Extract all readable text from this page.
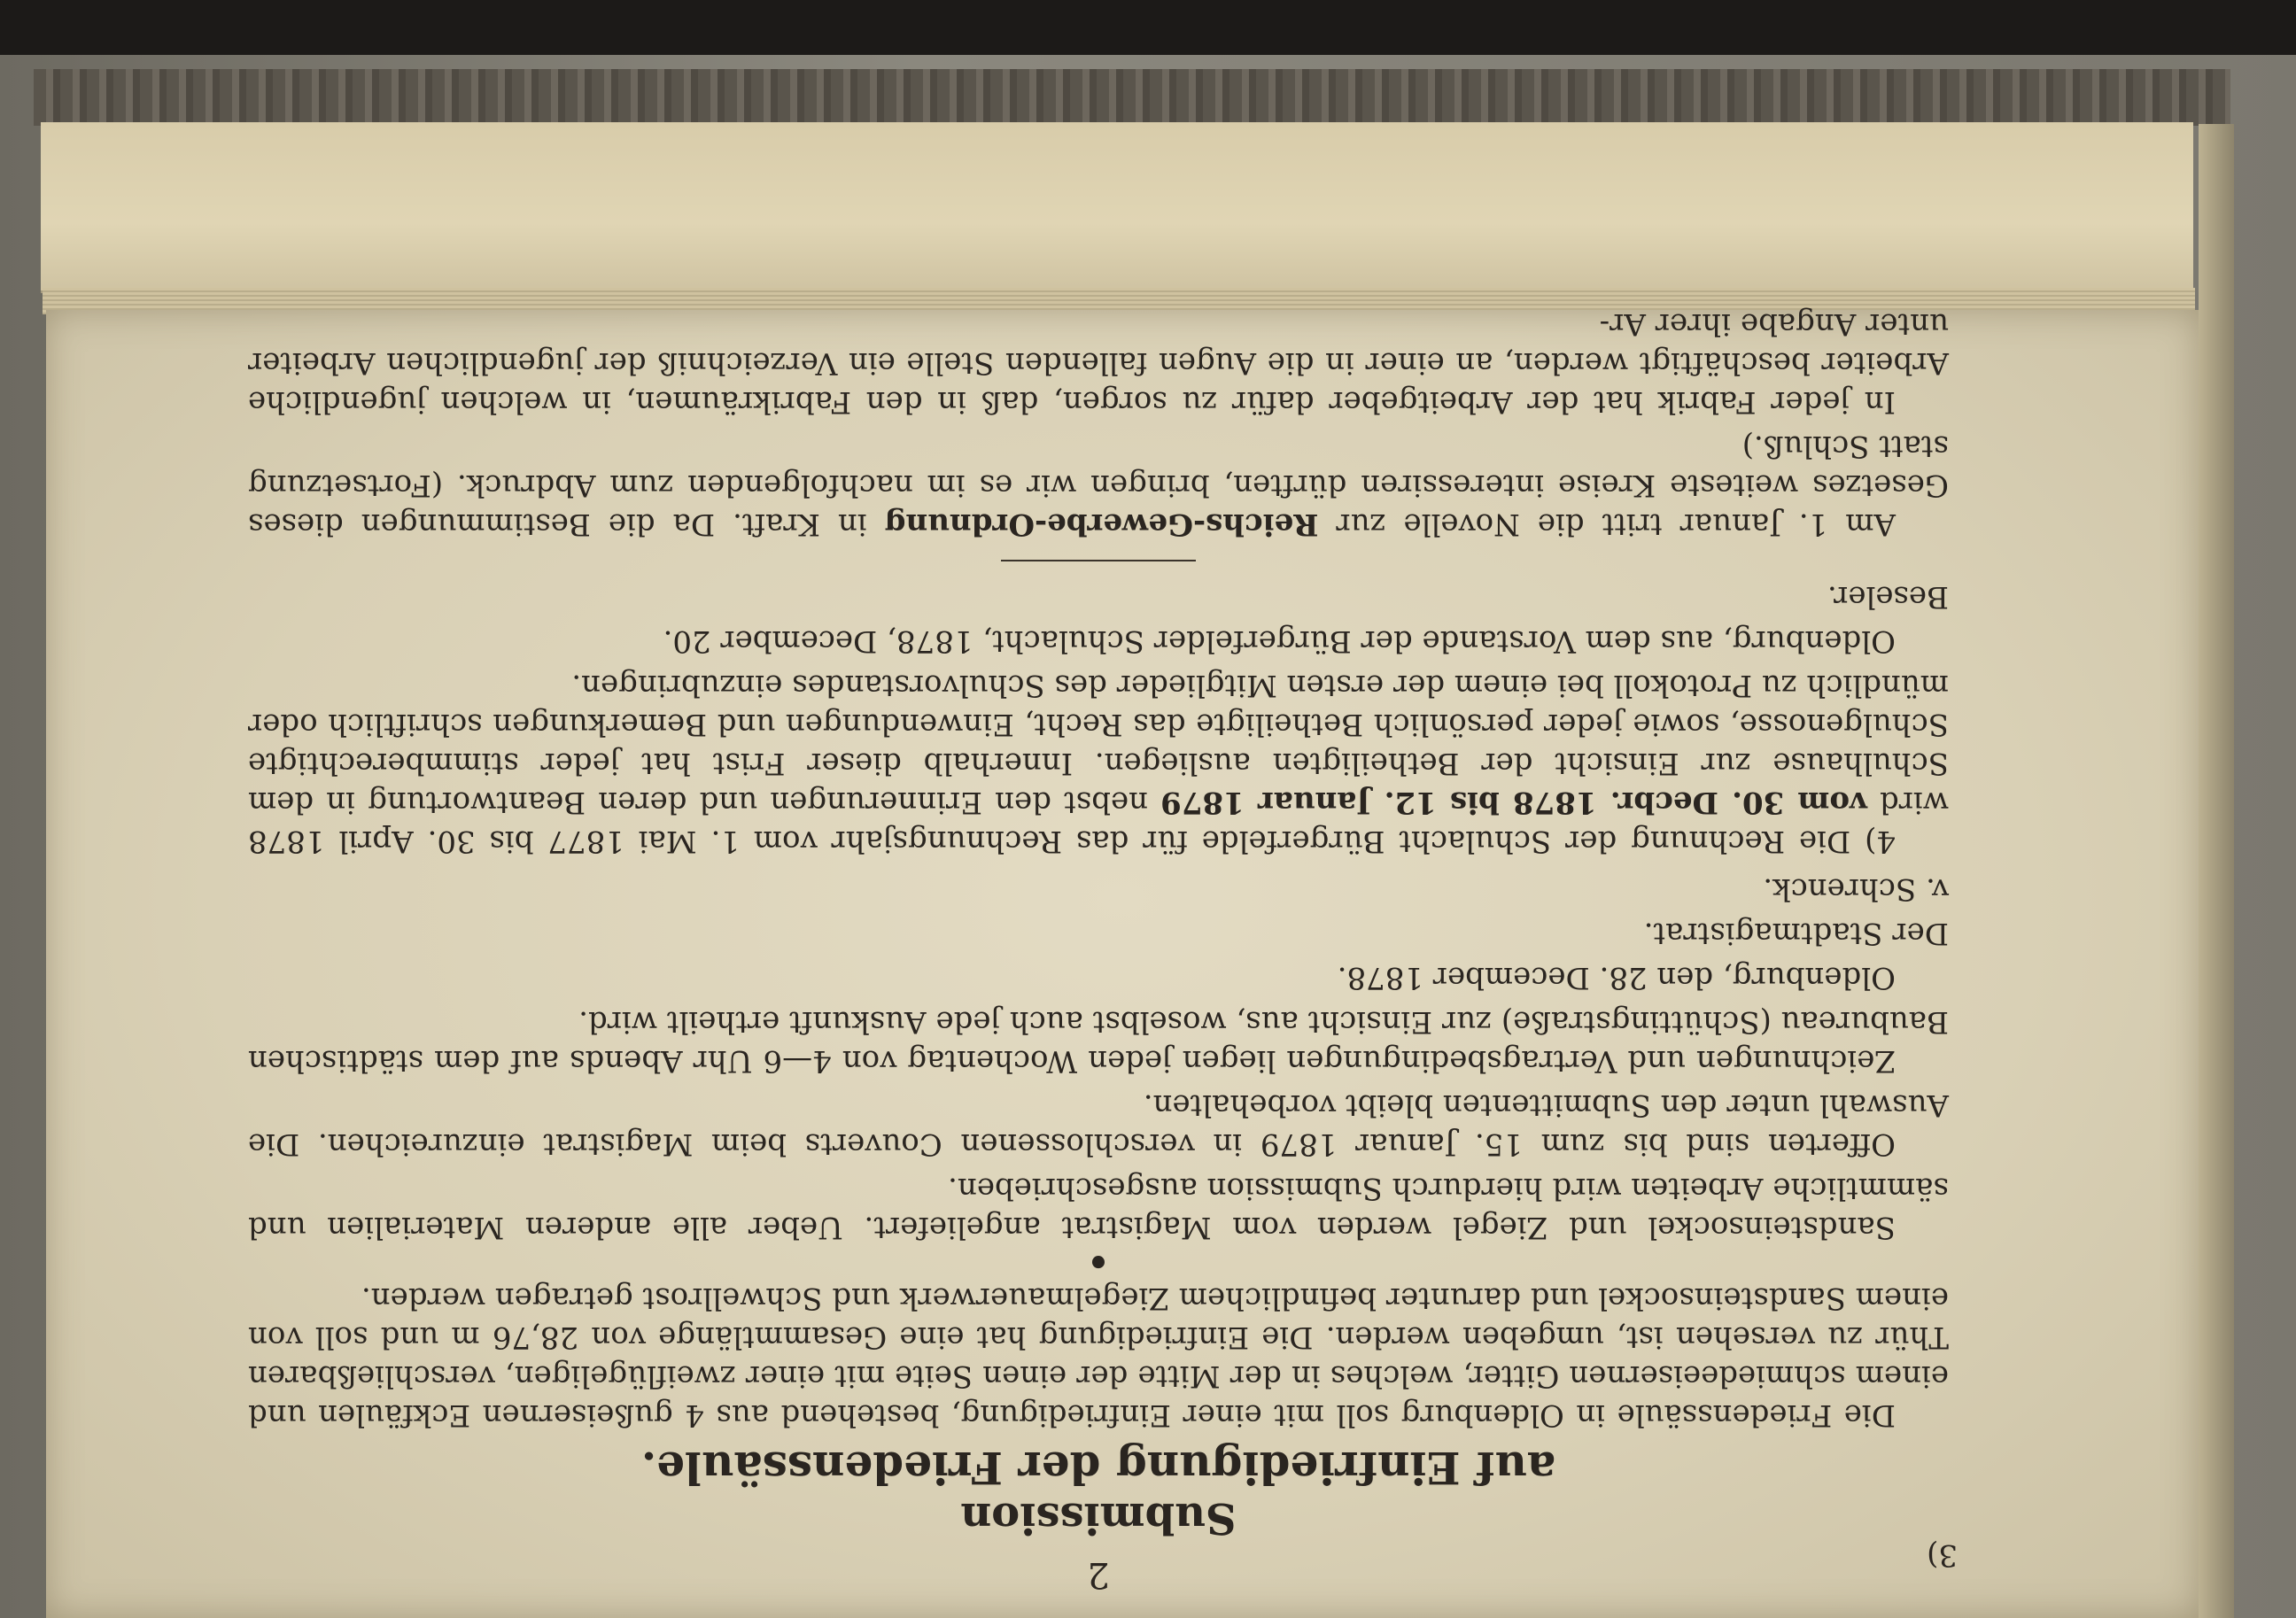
2	3)
Submission
auf Einfriedigung der Friedenssäule.

Die Friedenssäule in Oldenburg soll mit einer Einfriedigung, bestehend aus 4 gußeisernen Eckfäulen und einem schmiedeeisernen Gitter, welches in der Mitte der einen Seite mit einer zweiflügeligen, verschließbaren Thür zu versehen ist, umgeben werden. Die Einfriedigung hat eine Gesammtlänge von 28,76 m und soll von einem Sandsteinsockel und darunter befindlichem Ziegelmauerwerk und Schwellrost getragen werden.

•

Sandsteinsockel und Ziegel werden vom Magistrat angeliefert. Ueber alle anderen Materialien und sämmtliche Arbeiten wird hierdurch Submission ausgeschrieben.

Offerten sind bis zum 15. Januar 1879 in verschlossenen Couverts beim Magistrat einzureichen. Die Auswahl unter den Submittenten bleibt vorbehalten.

Zeichnungen und Vertragsbedingungen liegen jeden Wochentag von 4—6 Uhr Abends auf dem städtischen Baubureau (Schüttingstraße) zur Einsicht aus, woselbst auch jede Auskunft ertheilt wird.

Oldenburg, den 28. December 1878.

Der Stadtmagistrat.

v. Schrenck.

4) Die Rechnung der Schulacht Bürgerfelde für das Rechnungsjahr vom 1. Mai 1877 bis 30. April 1878 wird vom 30. Decbr. 1878 bis 12. Januar 1879 nebst den Erinnerungen und deren Beantwortung in dem Schulhause zur Einsicht der Betheiligten ausliegen. Innerhalb dieser Frist hat jeder stimmberechtigte Schulgenosse, sowie jeder persönlich Betheiligte das Recht, Einwendungen und Bemerkungen schriftlich oder mündlich zu Protokoll bei einem der ersten Mitglieder des Schulvorstandes einzubringen.

Oldenburg, aus dem Vorstande der Bürgerfelder Schulacht, 1878, December 20.

Beseler.

Am 1. Januar tritt die Novelle zur Reichs-Gewerbe-Ordnung in Kraft. Da die Bestimmungen dieses Gesetzes weiteste Kreise interessiren dürften, bringen wir es im nachfolgenden zum Abdruck. (Fortsetzung statt Schluß.)

In jeder Fabrik hat der Arbeitgeber dafür zu sorgen, daß in den Fabrikräumen, in welchen jugendliche Arbeiter beschäftigt werden, an einer in die Augen fallenden Stelle ein Verzeichniß der jugendlichen Arbeiter unter Angabe ihrer Ar-
